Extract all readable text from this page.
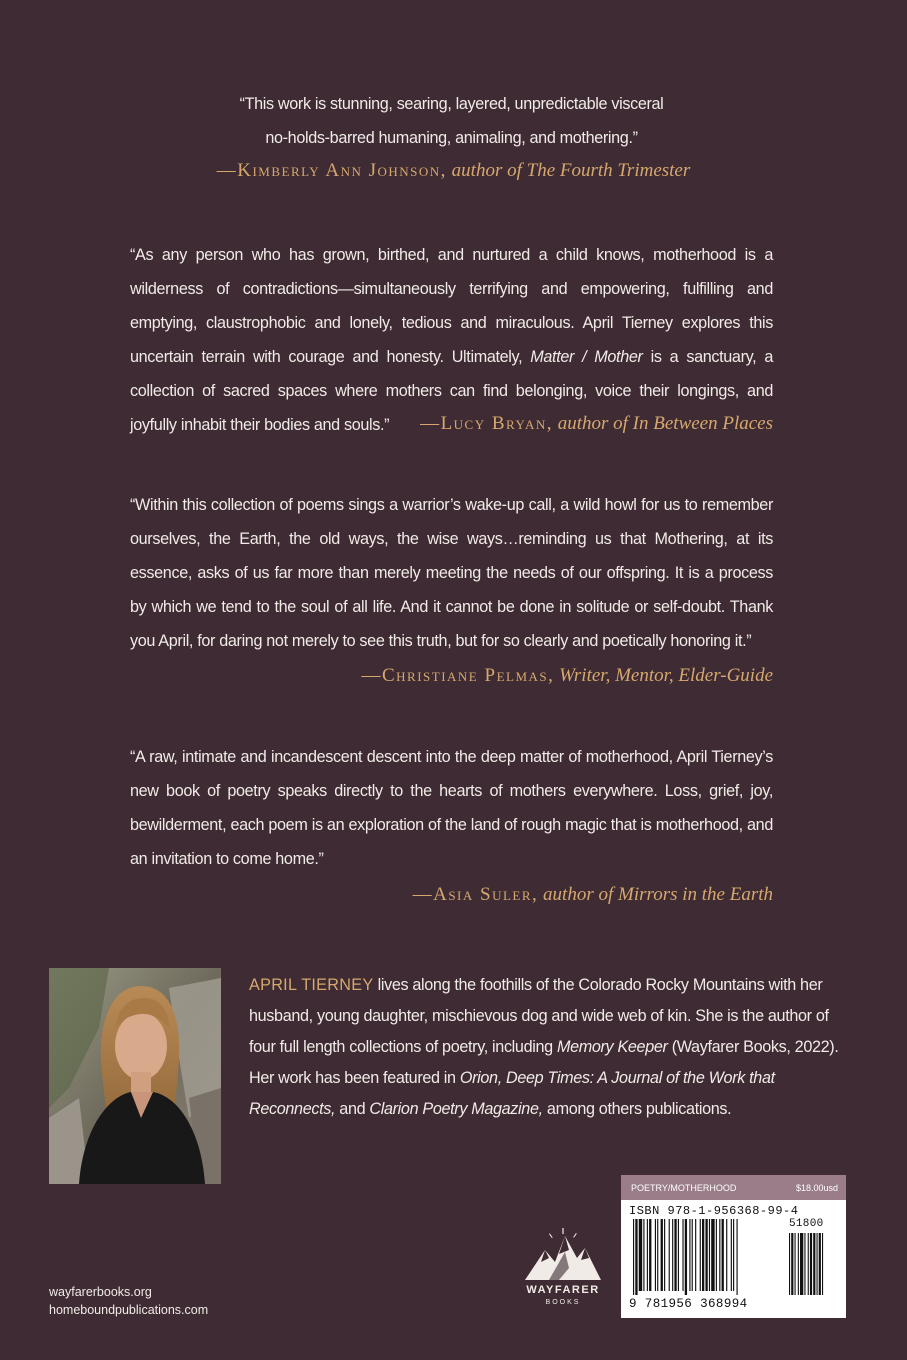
“This work is stunning, searing, layered, unpredictable visceral
no-holds-barred humaning, animaling, and mothering.”

—Kimberly Ann Johnson, author of The Fourth Trimester

“As any person who has grown, birthed, and nurtured a child knows, motherhood is a wilderness of contradictions—simultaneously terrifying and empowering, fulfilling and emptying, claustrophobic and lonely, tedious and miraculous. April Tierney explores this uncertain terrain with courage and honesty. Ultimately, Matter / Mother is a sanctuary, a collection of sacred spaces where mothers can find belonging, voice their longings, and joyfully inhabit their bodies and souls.”	—Lucy Bryan, author of In Between Places

“Within this collection of poems sings a warrior’s wake-up call, a wild howl for us to remember ourselves, the Earth, the old ways, the wise ways…reminding us that Mothering, at its essence, asks of us far more than merely meeting the needs of our offspring. It is a process by which we tend to the soul of all life. And it cannot be done in solitude or self-doubt. Thank you April, for daring not merely to see this truth, but for so clearly and poetically honoring it.”

—Christiane Pelmas, Writer, Mentor, Elder-Guide

“A raw, intimate and incandescent descent into the deep matter of motherhood, April Tierney’s new book of poetry speaks directly to the hearts of mothers everywhere. Loss, grief, joy, bewilderment, each poem is an exploration of the land of rough magic that is motherhood, and an invitation to come home.”

—Asia Suler, author of Mirrors in the Earth

APRIL TIERNEY lives along the foothills of the Colorado Rocky Mountains with her husband, young daughter, mischievous dog and wide web of kin. She is the author of four full length collections of poetry, including Memory Keeper (Wayfarer Books, 2022). Her work has been featured in Orion, Deep Times: A Journal of the Work that Reconnects, and Clarion Poetry Magazine, among others publications.

wayfarerbooks.org
homeboundpublications.com
WAYFARER
BOOKS
POETRY/MOTHERHOOD	$18.00usd
ISBN 978-1-956368-99-4
51800
9 781956 368994
